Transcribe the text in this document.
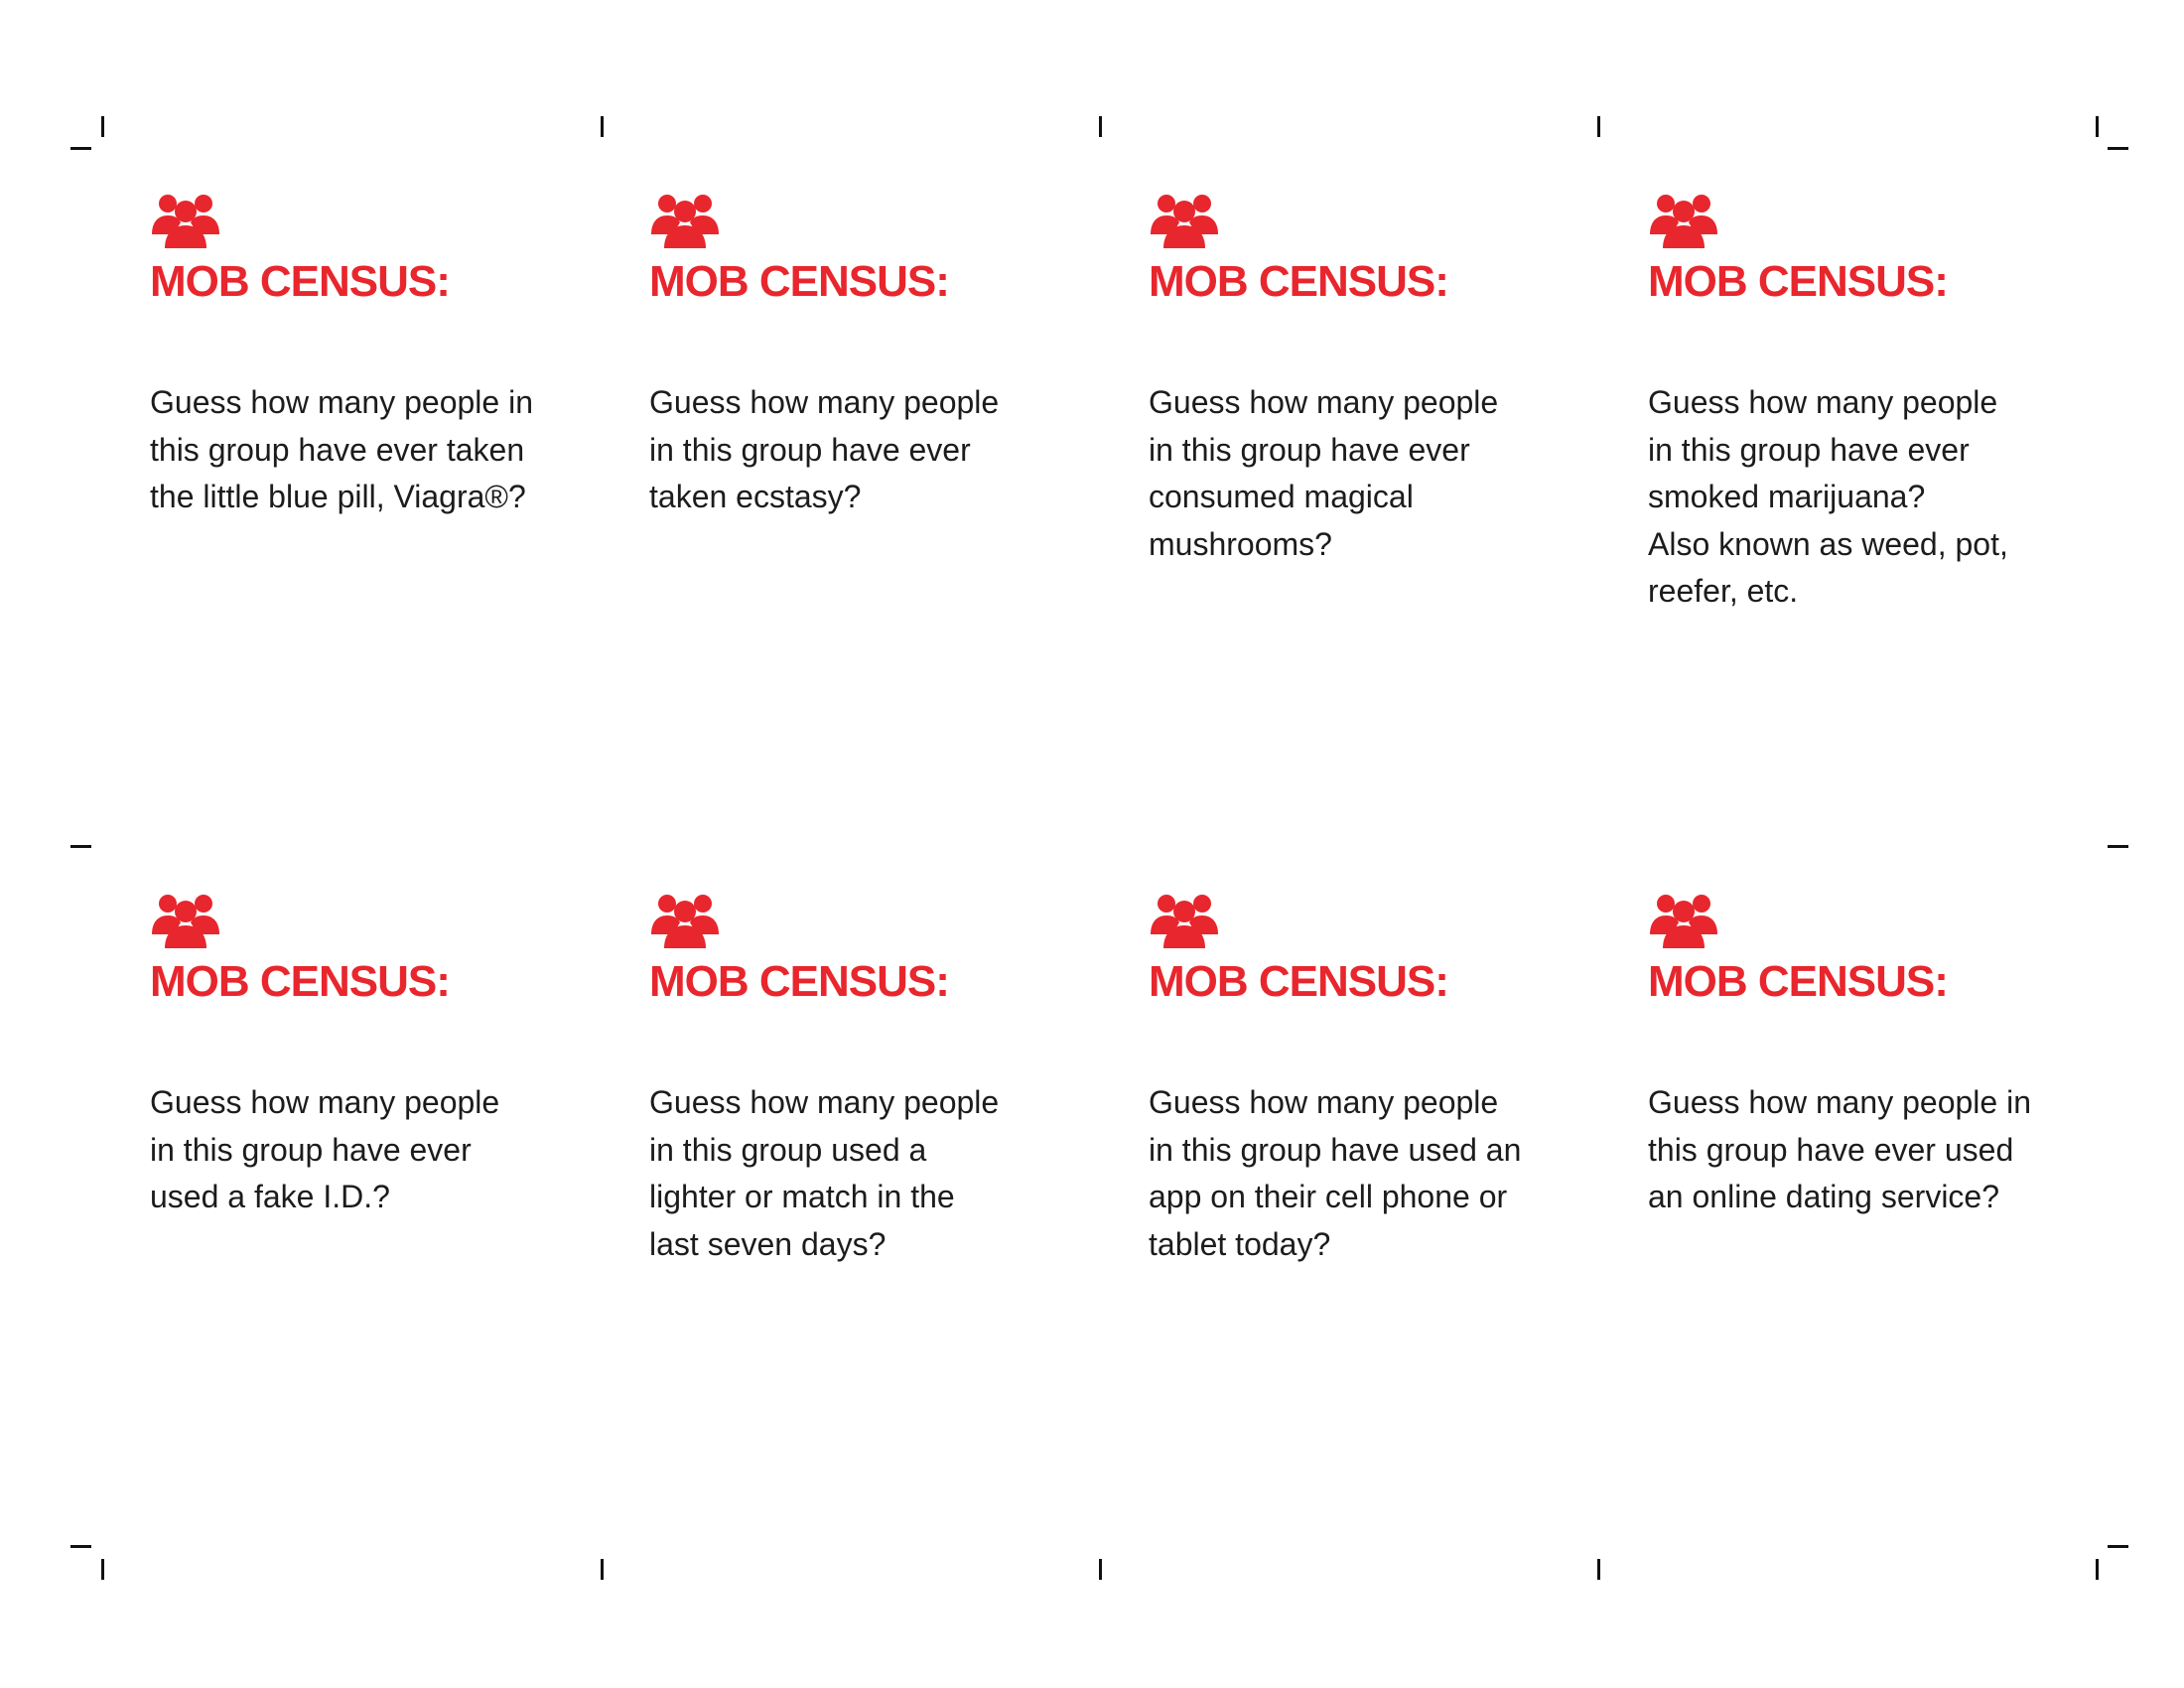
MOB CENSUS:

Guess how many people in
this group have ever taken
the little blue pill, Viagra®?

MOB CENSUS:

Guess how many people
in this group have ever
taken ecstasy?

MOB CENSUS:

Guess how many people
in this group have ever
consumed magical
mushrooms?

MOB CENSUS:

Guess how many people
in this group have ever
smoked marijuana?
Also known as weed, pot,
reefer, etc.

MOB CENSUS:

Guess how many people
in this group have ever
used a fake I.D.?

MOB CENSUS:

Guess how many people
in this group used a
lighter or match in the
last seven days?

MOB CENSUS:

Guess how many people
in this group have used an
app on their cell phone or
tablet today?

MOB CENSUS:

Guess how many people in
this group have ever used
an online dating service?
